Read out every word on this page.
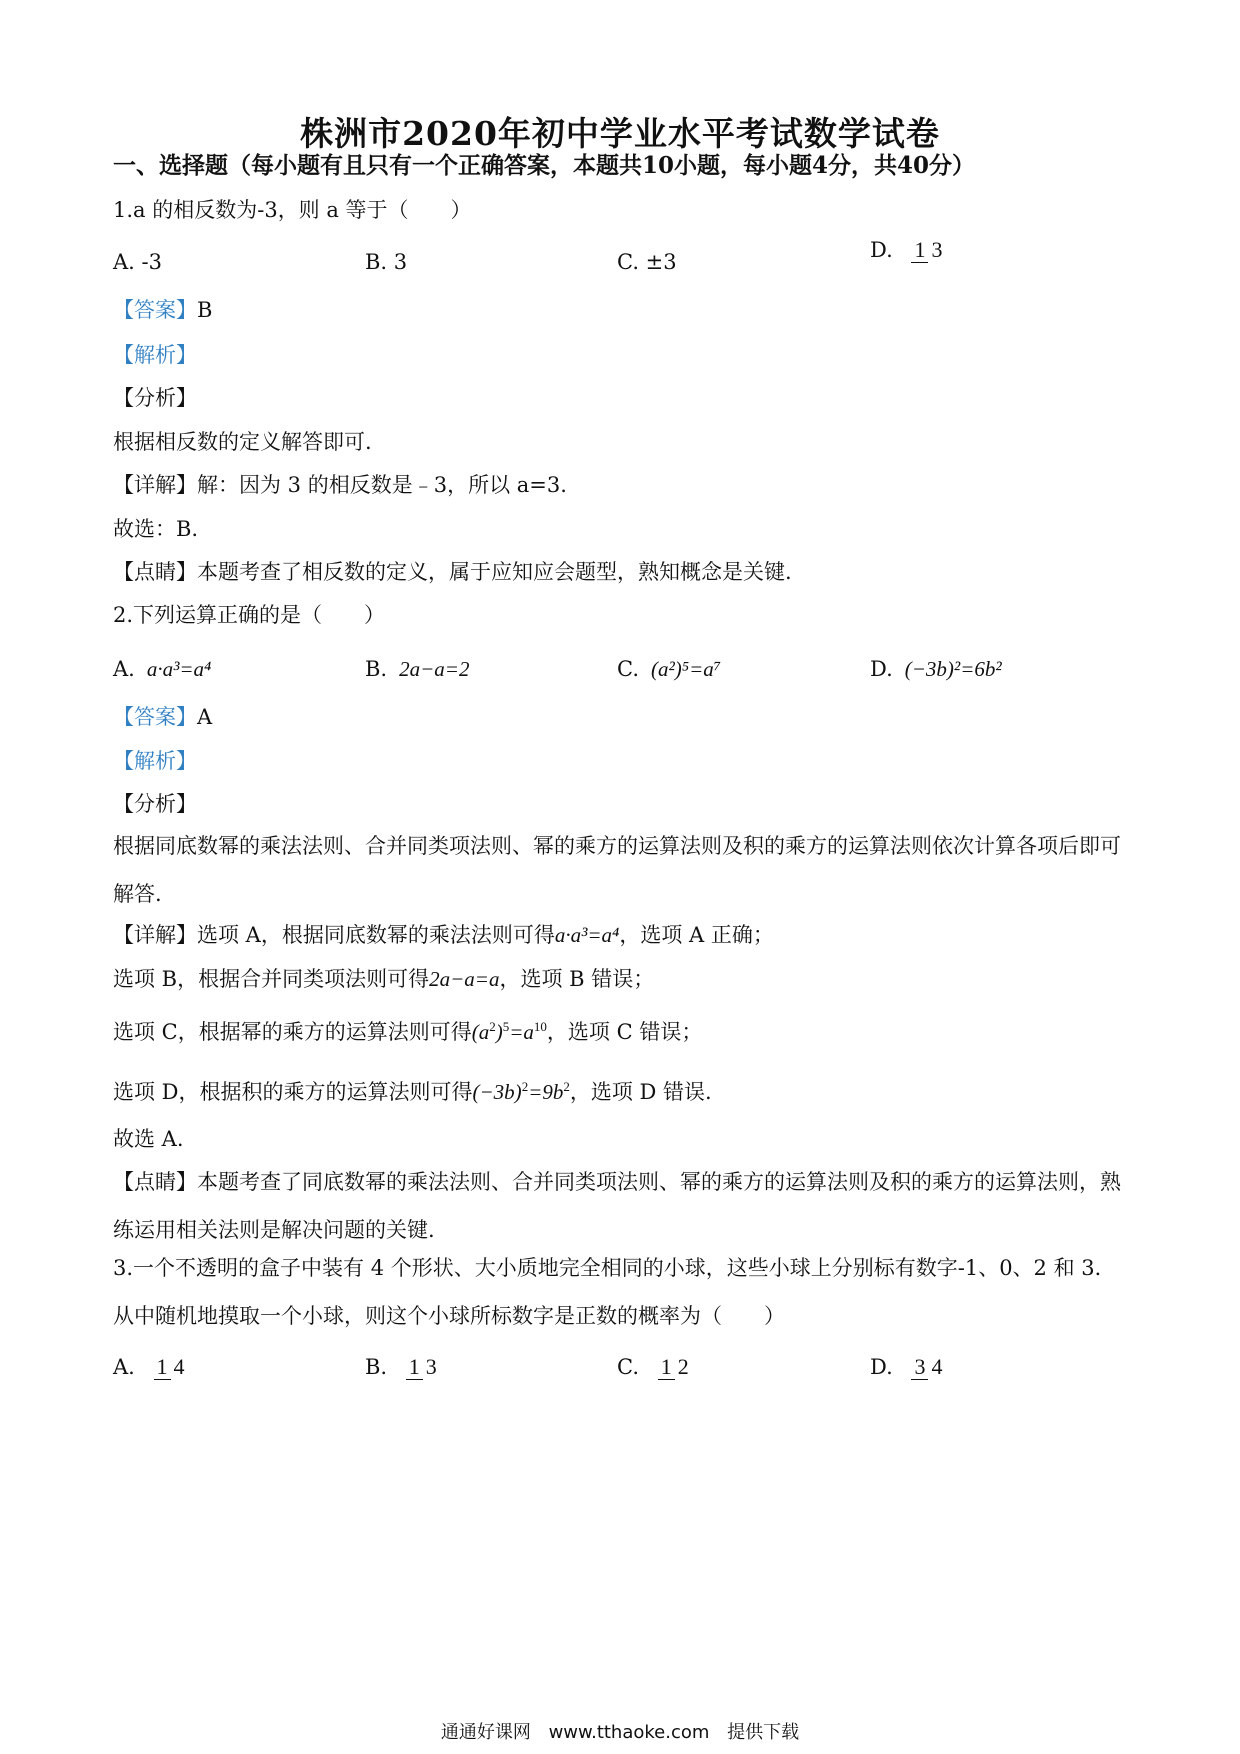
株洲市2020年初中学业水平考试数学试卷
一、选择题（每小题有且只有一个正确答案，本题共10小题，每小题4分，共40分）
1.a 的相反数为-3，则 a 等于（　　）
A. -3	B. 3	C. ±3	D. 1 3
【答案】B
【解析】
【分析】
根据相反数的定义解答即可.
【详解】解：因为 3 的相反数是﹣3，所以 a=3.
故选：B.
【点睛】本题考查了相反数的定义，属于应知应会题型，熟知概念是关键.
2.下列运算正确的是（　　）
A. a·a³=a⁴	B. 2a−a=2	C. (a²)⁵=a⁷	D. (−3b)²=6b²
【答案】A
【解析】
【分析】
根据同底数幂的乘法法则、合并同类项法则、幂的乘方的运算法则及积的乘方的运算法则依次计算各项后即可解答.
【详解】选项 A，根据同底数幂的乘法法则可得a·a³=a⁴，选项 A 正确；
选项 B，根据合并同类项法则可得2a−a=a，选项 B 错误；
选项 C，根据幂的乘方的运算法则可得$(a^2)^5=a^{10}$，选项 C 错误；
选项 D，根据积的乘方的运算法则可得$(-3b)^2=9b^2$，选项 D 错误.
故选 A.
【点睛】本题考查了同底数幂的乘法法则、合并同类项法则、幂的乘方的运算法则及积的乘方的运算法则，熟练运用相关法则是解决问题的关键.
3.一个不透明的盒子中装有 4 个形状、大小质地完全相同的小球，这些小球上分别标有数字-1、0、2 和 3．从中随机地摸取一个小球，则这个小球所标数字是正数的概率为（　　）
A. 1 4	B. 1 3	C. 1 2	D. 3 4
通通好课网 www.tthaoke.com 提供下载
